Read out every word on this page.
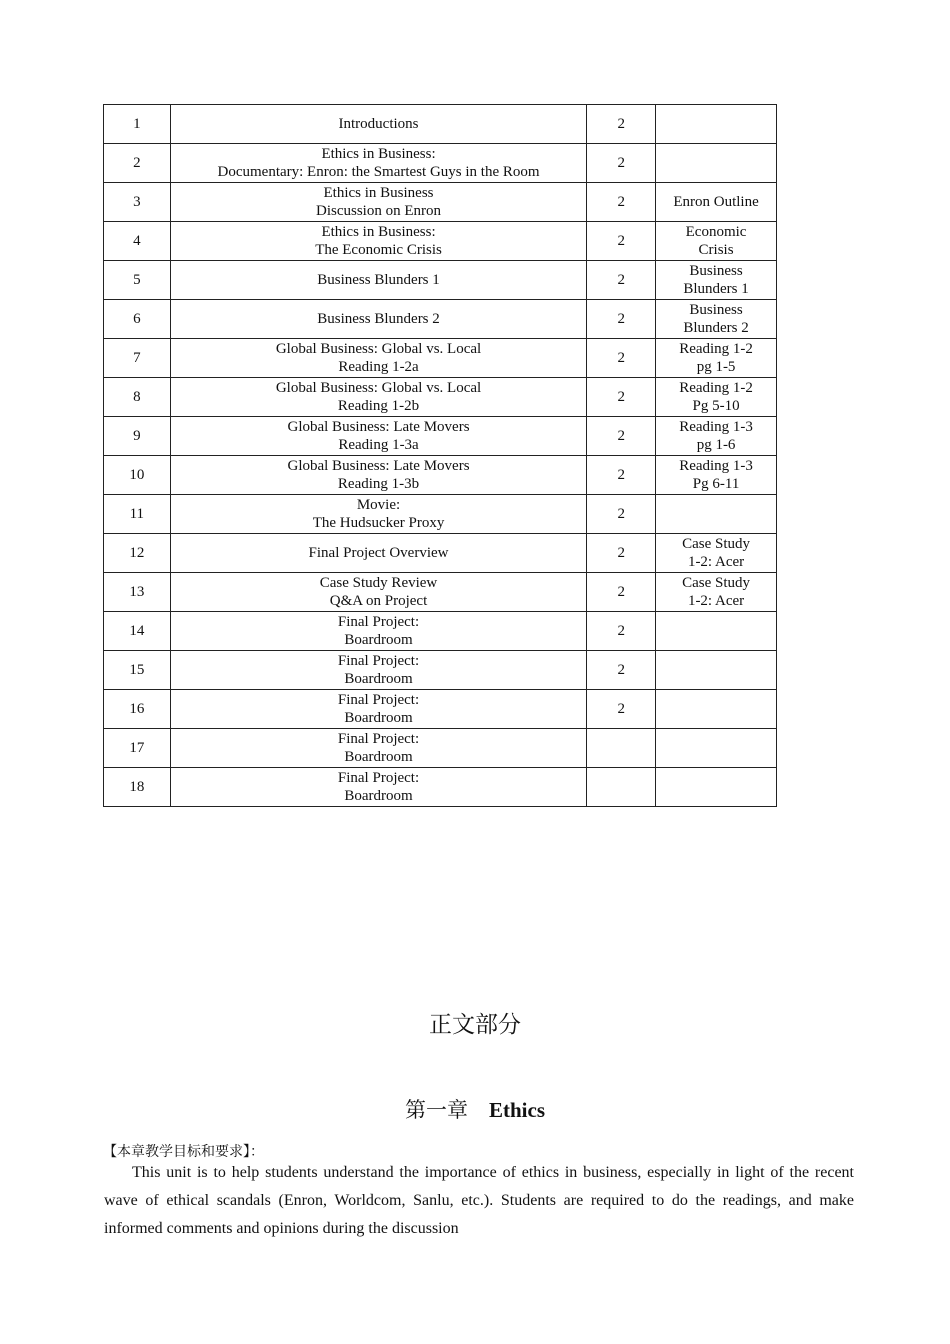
1	Introductions	2	
2	Ethics in Business:
Documentary: Enron: the Smartest Guys in the Room	2	
3	Ethics in Business
Discussion on Enron	2	Enron Outline

4	Ethics in Business:
The Economic Crisis	2	Economic
Crisis

5	Business Blunders 1	2	Business
Blunders 1

6	Business Blunders 2	2	Business
Blunders 2

7	Global Business: Global vs. Local
Reading 1-2a	2	Reading 1-2
pg 1-5

8	Global Business: Global vs. Local
Reading 1-2b	2	Reading 1-2
Pg 5-10

9	Global Business: Late Movers
Reading 1-3a	2	Reading 1-3
pg 1-6

10	Global Business: Late Movers
Reading 1-3b	2	Reading 1-3
Pg 6-11

11	Movie:
The Hudsucker Proxy	2	
12	Final Project Overview	2	Case Study
1-2: Acer

13	Case Study Review
Q&A on Project	2	Case Study
1-2: Acer

14	Final Project:
Boardroom	2	
15	Final Project:
Boardroom	2	
16	Final Project:
Boardroom	2	
17	Final Project:
Boardroom		

18	Final Project:
Boardroom		

正文部分
第一章 Ethics
【本章教学目标和要求】：
This unit is to help students understand the importance of ethics in business, especially in light of the recent wave of ethical scandals (Enron, Worldcom, Sanlu, etc.). Students are required to do the readings, and make informed comments and opinions during the discussion
